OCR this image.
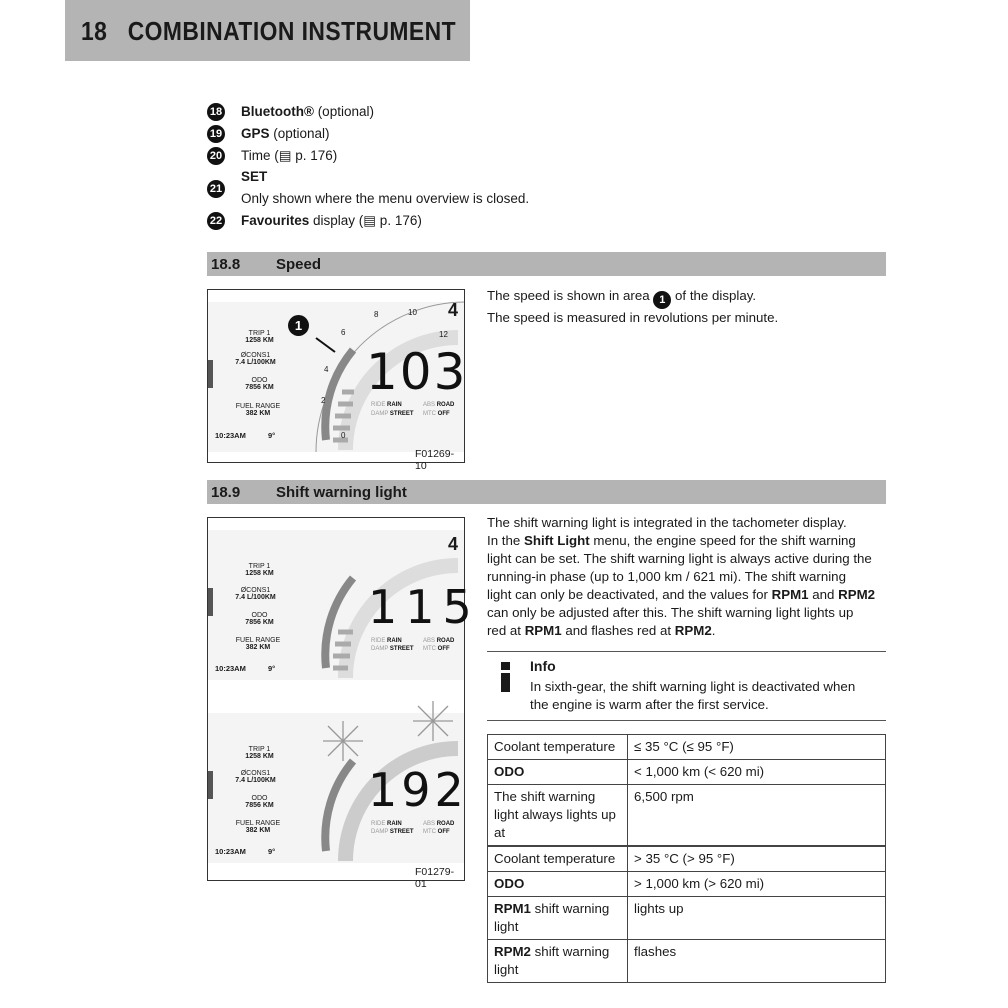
18 COMBINATION INSTRUMENT
18 Bluetooth® (optional)
19 GPS (optional)
20 Time (▤ p. 176)
21
SET
Only shown where the menu overview is closed.
22 Favourites display (▤ p. 176)
18.8 Speed
TRIP 1
1258 KM
ØCONS1
7.4 L/100KM
ODO
7856 KM
FUEL RANGE
382 KM
10:23AM	9°
103
4
RIDE RAIN	ABS ROAD
DAMP STREET MTC OFF
0
2
4
6
8	10
12
1
F01269-10
The speed is shown in area 1 of the display.
The speed is measured in revolutions per minute.
18.9 Shift warning light
TRIP 1
1258 KM
ØCONS1
7.4 L/100KM
ODO
7856 KM
FUEL RANGE
382 KM
10:23AM	9°
115
4
RIDE RAIN	ABS ROAD
DAMP STREET MTC OFF
TRIP 1
1258 KM
ØCONS1
7.4 L/100KM
ODO
7856 KM
FUEL RANGE
382 KM
10:23AM	9°
192
RIDE RAIN	ABS ROAD
DAMP STREET MTC OFF
F01279-01
The shift warning light is integrated in the tachometer display.
In the Shift Light menu, the engine speed for the shift warning
light can be set. The shift warning light is always active during the
running-in phase (up to 1,000 km / 621 mi). The shift warning
light can only be deactivated, and the values for RPM1 and RPM2
can only be adjusted after this. The shift warning light lights up
red at RPM1 and flashes red at RPM2.
Info
In sixth-gear, the shift warning light is deactivated when
the engine is warm after the first service.
Coolant temperature	≤ 35 °C (≤ 95 °F)
ODO	< 1,000 km (< 620 mi)
The shift warning light always lights up at	6,500 rpm
Coolant temperature	> 35 °C (> 95 °F)
ODO	> 1,000 km (> 620 mi)
RPM1 shift warning light	lights up
RPM2 shift warning light	flashes
